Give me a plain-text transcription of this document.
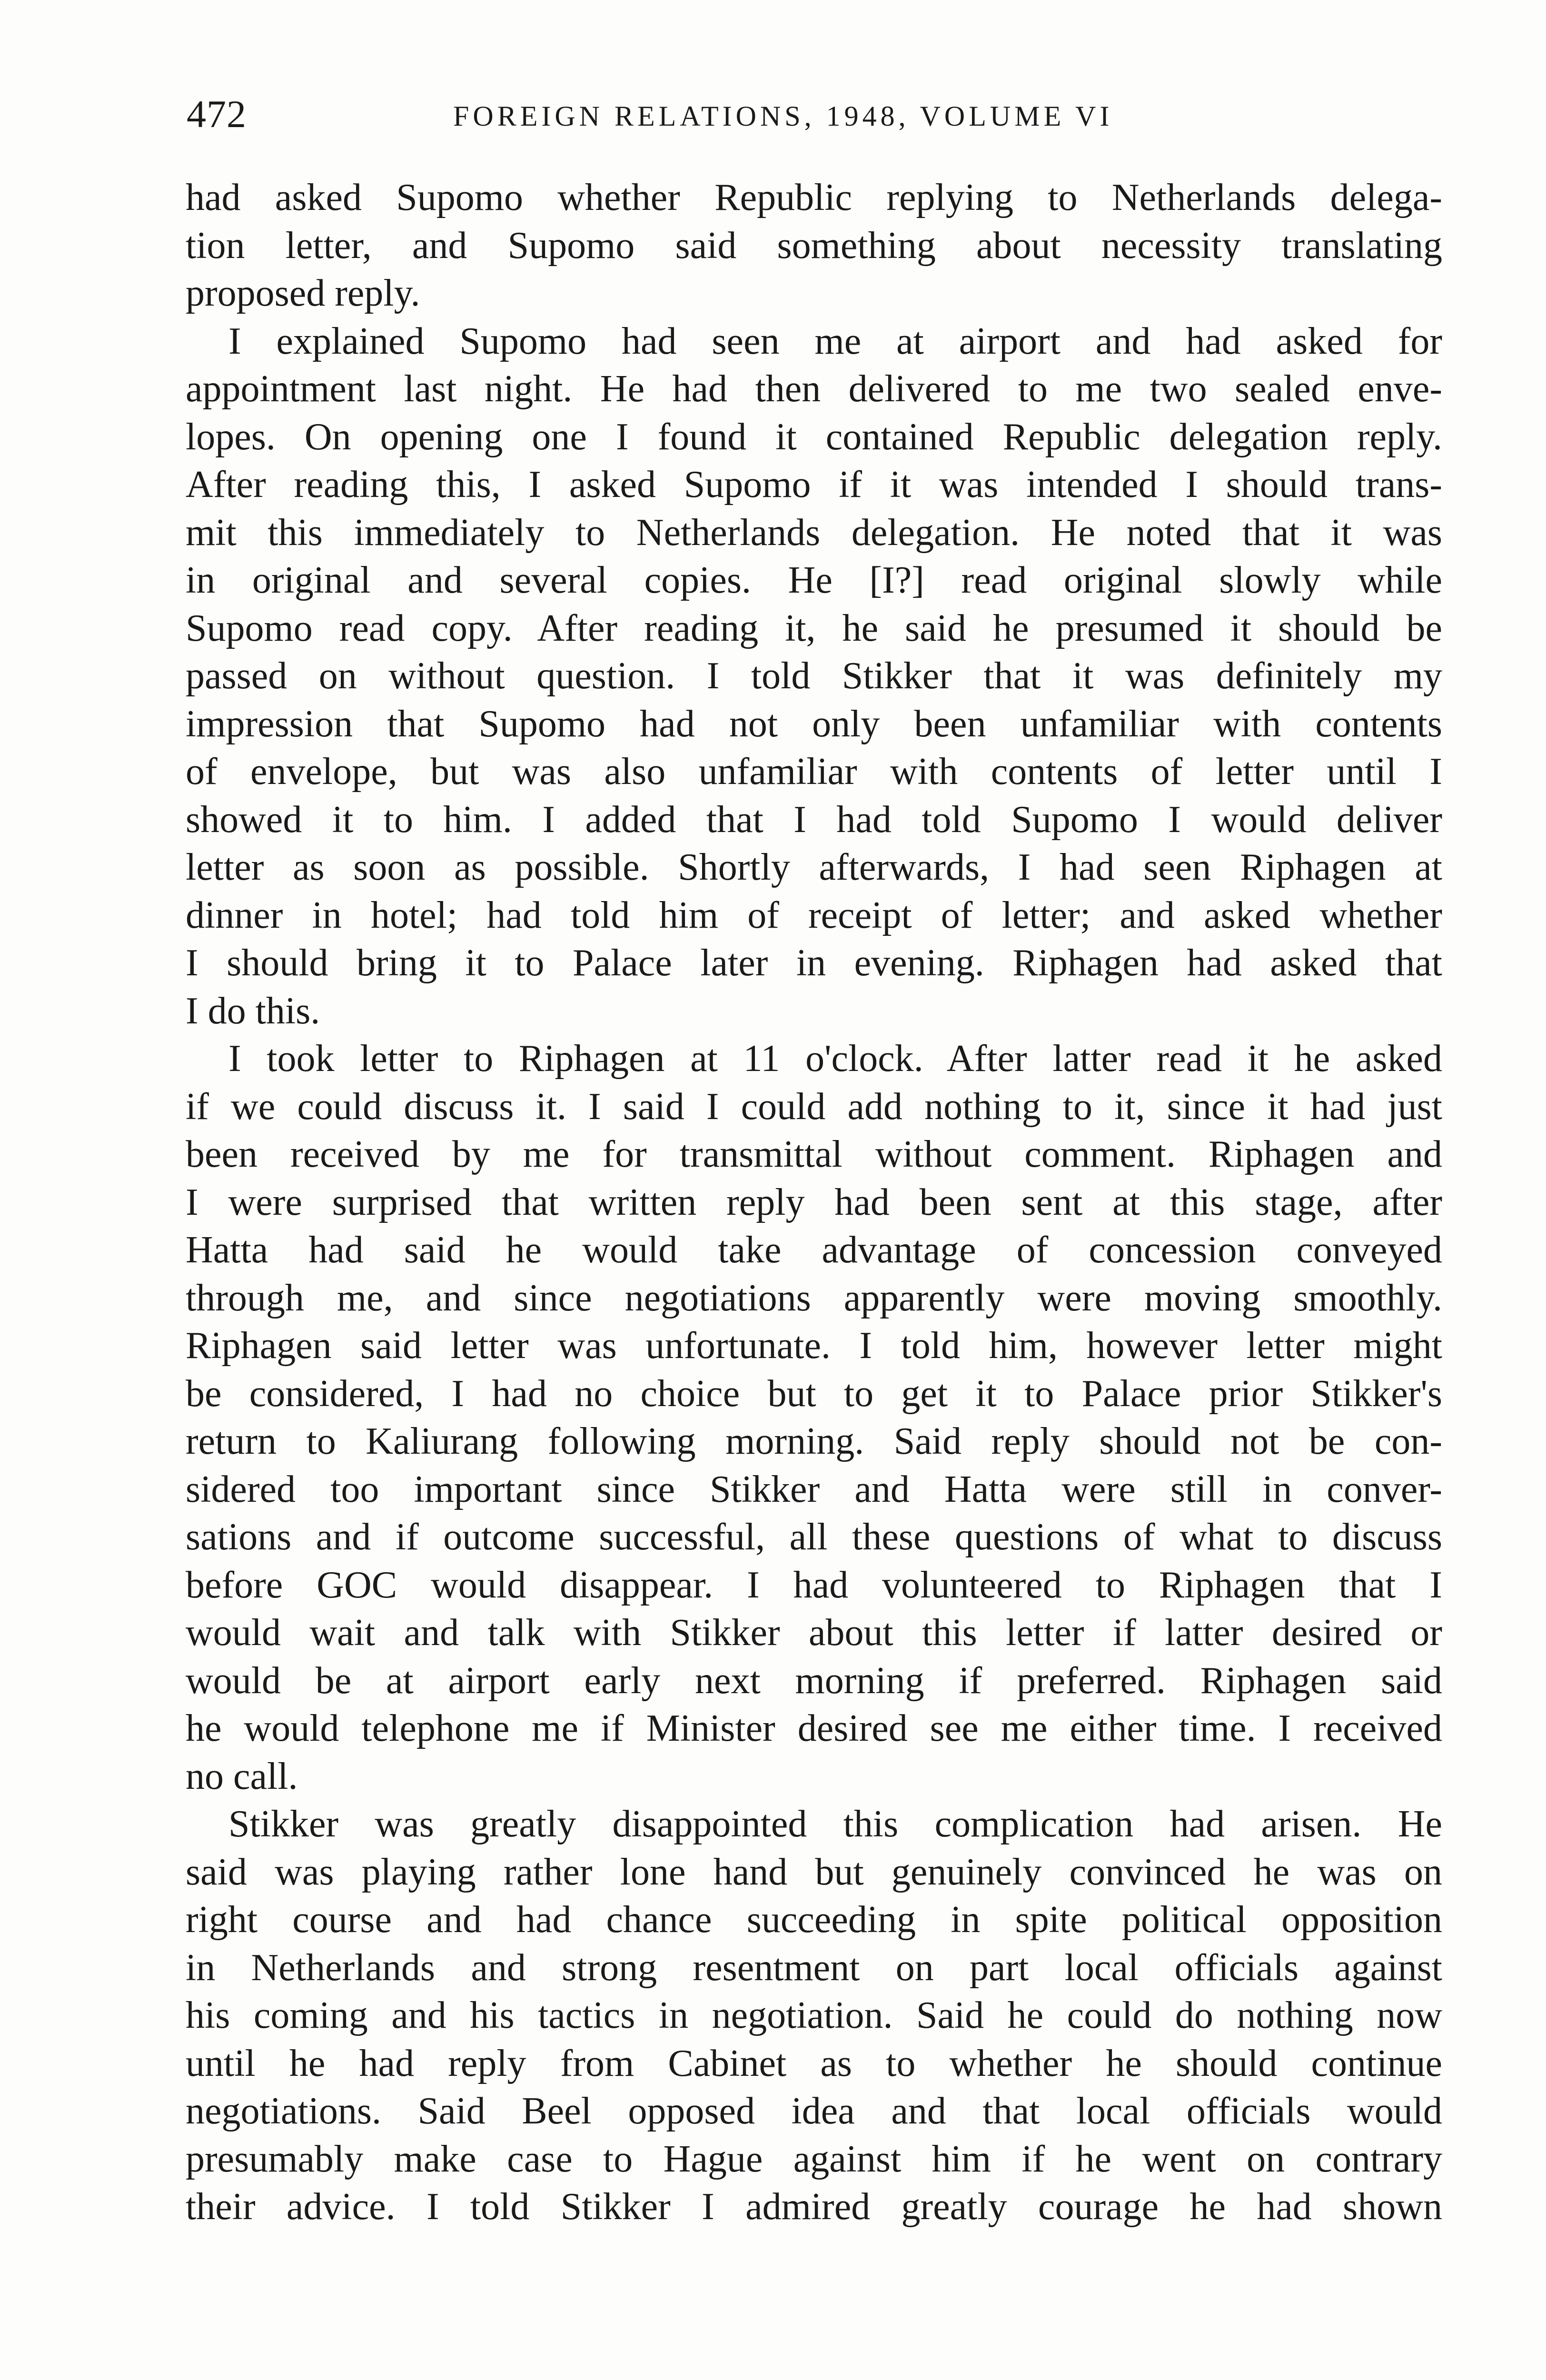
472	FOREIGN RELATIONS, 1948, VOLUME VI
had asked Supomo whether Republic replying to Netherlands delega-
tion letter, and Supomo said something about necessity translating
proposed reply.
I explained Supomo had seen me at airport and had asked for
appointment last night. He had then delivered to me two sealed enve-
lopes. On opening one I found it contained Republic delegation reply.
After reading this, I asked Supomo if it was intended I should trans-
mit this immediately to Netherlands delegation. He noted that it was
in original and several copies. He [I?] read original slowly while
Supomo read copy. After reading it, he said he presumed it should be
passed on without question. I told Stikker that it was definitely my
impression that Supomo had not only been unfamiliar with contents
of envelope, but was also unfamiliar with contents of letter until I
showed it to him. I added that I had told Supomo I would deliver
letter as soon as possible. Shortly afterwards, I had seen Riphagen at
dinner in hotel; had told him of receipt of letter; and asked whether
I should bring it to Palace later in evening. Riphagen had asked that
I do this.
I took letter to Riphagen at 11 o'clock. After latter read it he asked
if we could discuss it. I said I could add nothing to it, since it had just
been received by me for transmittal without comment. Riphagen and
I were surprised that written reply had been sent at this stage, after
Hatta had said he would take advantage of concession conveyed
through me, and since negotiations apparently were moving smoothly.
Riphagen said letter was unfortunate. I told him, however letter might
be considered, I had no choice but to get it to Palace prior Stikker's
return to Kaliurang following morning. Said reply should not be con-
sidered too important since Stikker and Hatta were still in conver-
sations and if outcome successful, all these questions of what to discuss
before GOC would disappear. I had volunteered to Riphagen that I
would wait and talk with Stikker about this letter if latter desired or
would be at airport early next morning if preferred. Riphagen said
he would telephone me if Minister desired see me either time. I received
no call.
Stikker was greatly disappointed this complication had arisen. He
said was playing rather lone hand but genuinely convinced he was on
right course and had chance succeeding in spite political opposition
in Netherlands and strong resentment on part local officials against
his coming and his tactics in negotiation. Said he could do nothing now
until he had reply from Cabinet as to whether he should continue
negotiations. Said Beel opposed idea and that local officials would
presumably make case to Hague against him if he went on contrary
their advice. I told Stikker I admired greatly courage he had shown
